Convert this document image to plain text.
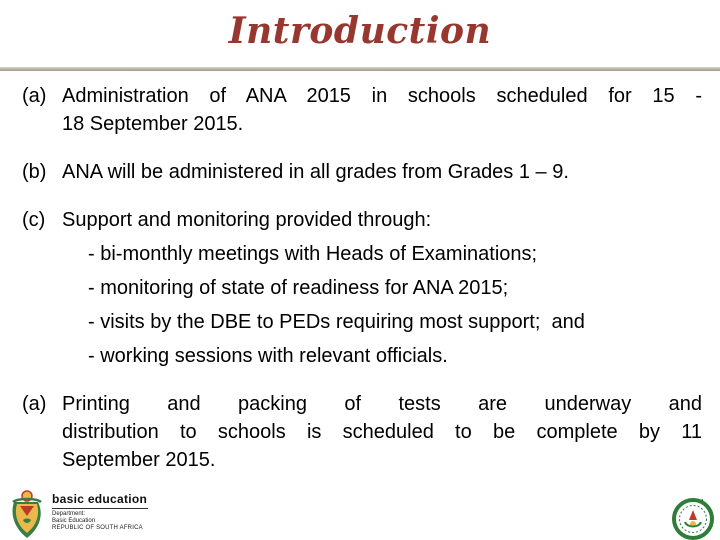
Introduction
(a) Administration of ANA 2015 in schools scheduled for 15 -
18 September 2015.
(b) ANA will be administered in all grades from Grades 1 – 9.
(c) Support and monitoring provided through:
- bi-monthly meetings with Heads of Examinations;
- monitoring of state of readiness for ANA 2015;
- visits by the DBE to PEDs requiring most support;  and
- working sessions with relevant officials.
(a) Printing and packing of tests are underway and
distribution to schools is scheduled to be complete by 11
September 2015.
basic education
Department:
Basic Education
REPUBLIC OF SOUTH AFRICA
